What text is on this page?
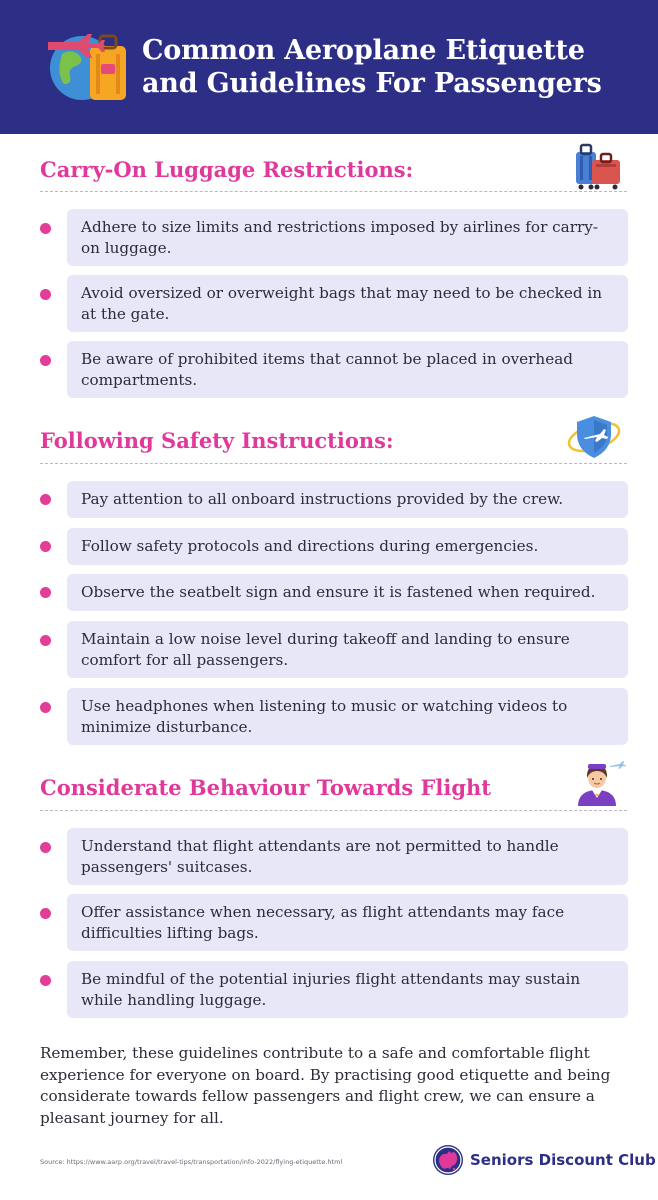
Common Aeroplane Etiquette
and Guidelines For Passengers
Carry-On Luggage Restrictions:
Adhere to size limits and restrictions imposed by airlines for carry-on luggage.
Avoid oversized or overweight bags that may need to be checked in at the gate.
Be aware of prohibited items that cannot be placed in overhead compartments.
Following Safety Instructions:
Pay attention to all onboard instructions provided by the crew.
Follow safety protocols and directions during emergencies.
Observe the seatbelt sign and ensure it is fastened when required.
Maintain a low noise level during takeoff and landing to ensure comfort for all passengers.
Use headphones when listening to music or watching videos to minimize disturbance.
Considerate Behaviour Towards Flight
Understand that flight attendants are not permitted to handle passengers' suitcases.
Offer assistance when necessary, as flight attendants may face difficulties lifting bags.
Be mindful of the potential injuries flight attendants may sustain while handling luggage.
Remember, these guidelines contribute to a safe and comfortable flight experience for everyone on board. By practising good etiquette and being considerate towards fellow passengers and flight crew, we can ensure a pleasant journey for all.
Source: https://www.aarp.org/travel/travel-tips/transportation/info-2022/flying-etiquette.html	Seniors Discount Club
